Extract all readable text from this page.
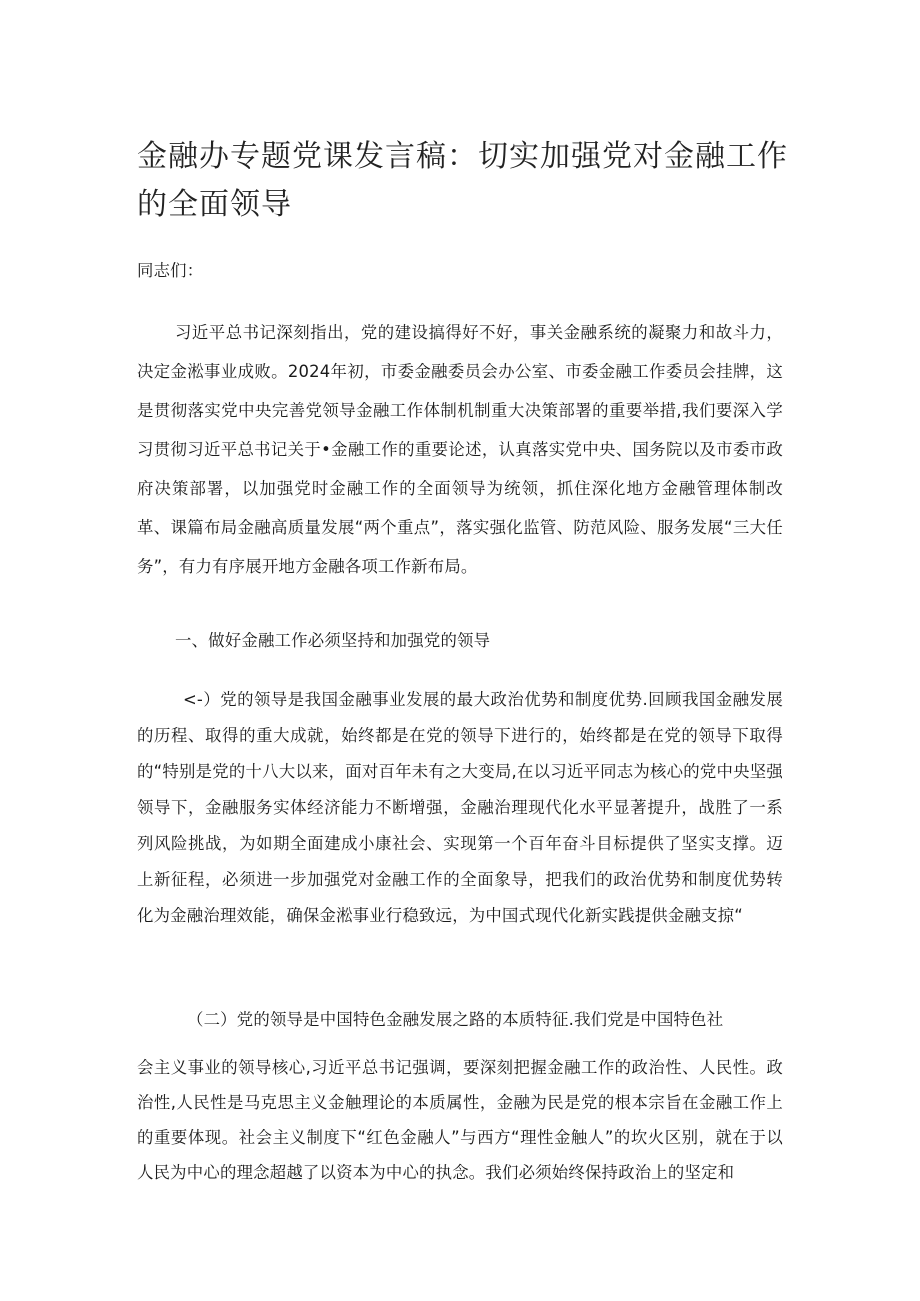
金融办专题党课发言稿：切实加强党对金融工作的全面领导

同志们：

习近平总书记深刻指出，党的建设搞得好不好，事关金融系统的凝聚力和故斗力，决定金淞事业成败。2024年初，市委金融委员会办公室、市委金融工作委员会挂牌，这是贯彻落实党中央完善党领导金融工作体制机制重大决策部署的重要举措,我们要深入学习贯彻习近平总书记关于•金融工作的重要论述，认真落实党中央、国务院以及市委市政府决策部署，以加强党时金融工作的全面领导为统领，抓住深化地方金融管理体制改革、课篇布局金融高质量发展“两个重点”，落实强化监管、防范风险、服务发展“三大任务”，有力有序展开地方金融各项工作新布局。

一、做好金融工作必须坚持和加强党的领导

<-）党的领导是我国金融事业发展的最大政治优势和制度优势.回顾我国金融发展的历程、取得的重大成就，始终都是在党的领导下进行的，始终都是在党的领导下取得的“特别是党的十八大以来，面对百年未有之大变局,在以习近平同志为核心的党中央坚强领导下，金融服务实体经济能力不断增强，金融治理现代化水平显著提升，战胜了一系列风险挑战，为如期全面建成小康社会、实现第一个百年奋斗目标提供了坚实支撑。迈上新征程，必须进一步加强党对金融工作的全面象导，把我们的政治优势和制度优势转化为金融治理效能，确保金淞事业行稳致远，为中国式现代化新实践提供金融支掠“

（二）党的领导是中国特色金融发展之路的本质特征.我们党是中国特色社

会主义事业的领导核心,习近平总书记强调，要深刻把握金融工作的政治性、人民性。政治性,人民性是马克思主义金触理论的本质属性，金融为民是党的根本宗旨在金融工作上的重要体现。社会主义制度下“红色金融人”与西方“理性金触人”的坎火区别，就在于以人民为中心的理念超越了以资本为中心的执念。我们必须始终保持政治上的坚定和
